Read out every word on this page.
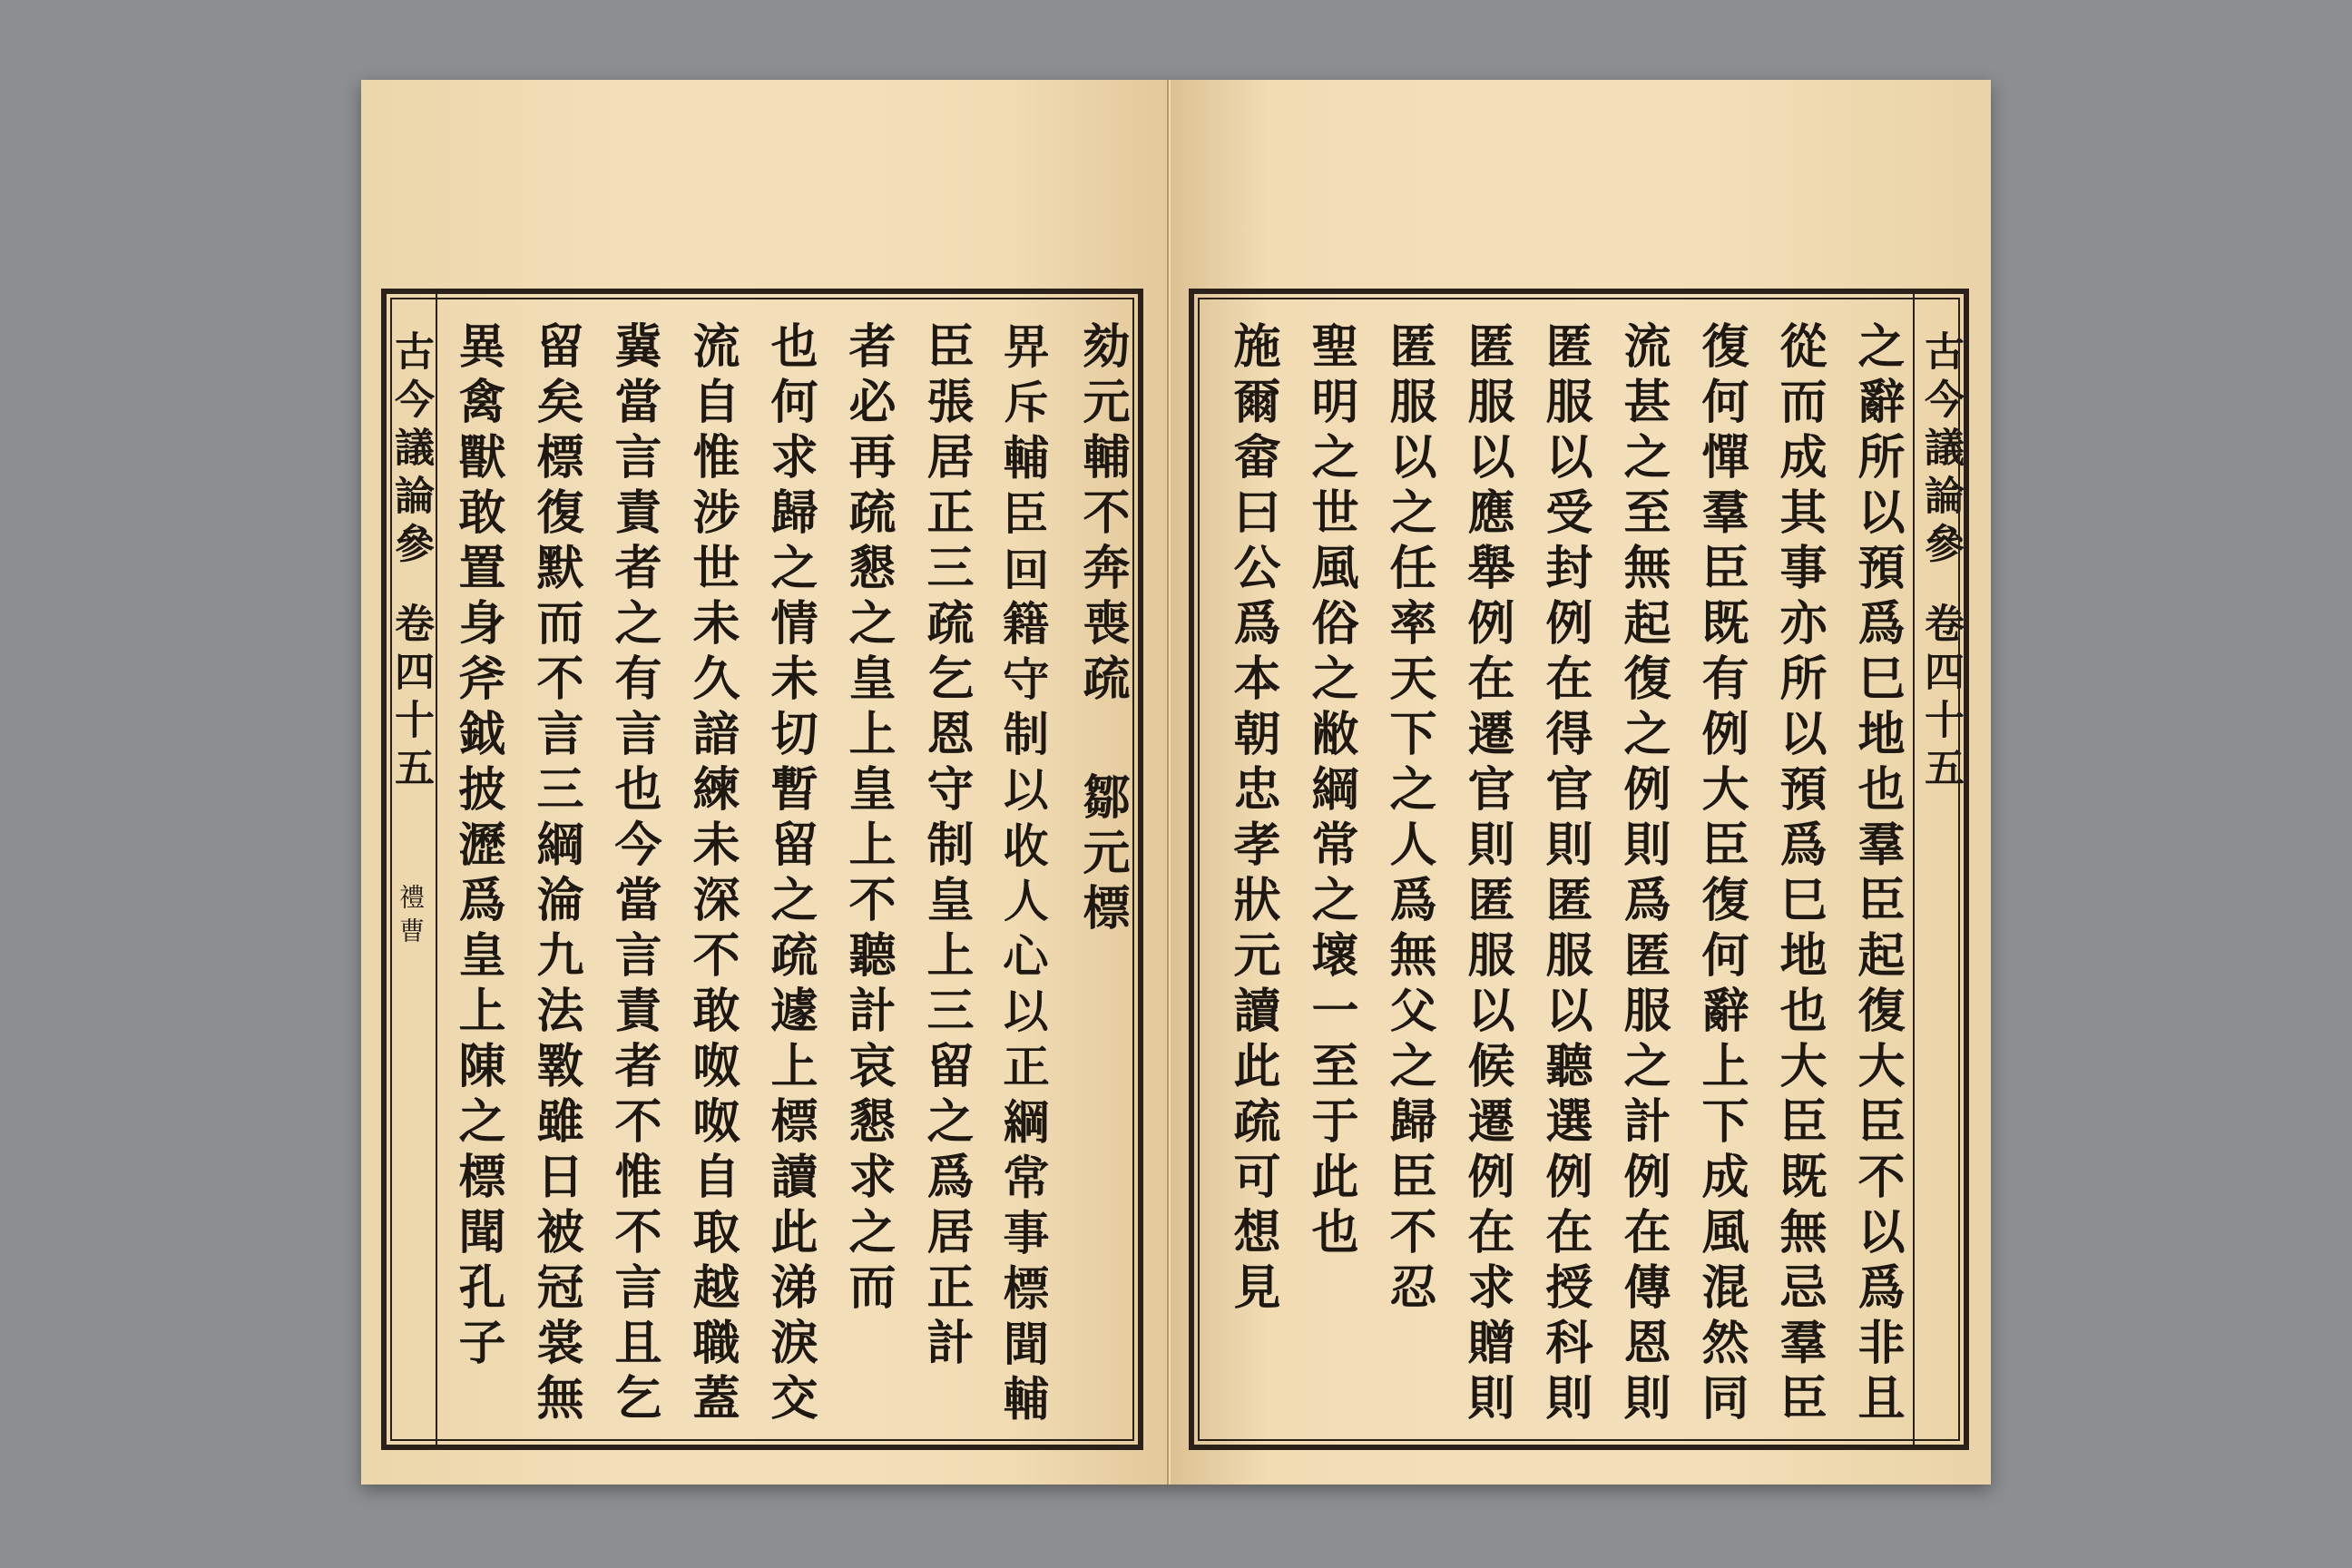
劾元輔不奔喪疏 鄒元標
𢌿斥輔臣回籍守制以收人心以正綱常事標聞輔
臣張居正三疏乞恩守制皇上三留之爲居正計
者必再疏懇之皇上皇上不聽計哀懇求之而
也何求歸之情未切暫留之疏遽上標讀此涕淚交
流自惟涉世未久諳練未深不敢呶呶自取越職蓋
冀當言責者之有言也今當言責者不惟不言且乞
留矣標復默而不言三綱淪九法斁雖日被冠裳無
異禽獸敢置身斧鉞披瀝爲皇上陳之標聞孔子
古今議論參
卷四十五
禮曹
古今議論參
卷四十五
之辭所以預爲巳地也羣臣起復大臣不以爲非且
從而成其事亦所以預爲巳地也大臣既無忌羣臣
復何憚羣臣既有例大臣復何辭上下成風混然同
流甚之至無起復之例則爲匿服之計例在傳恩則
匿服以受封例在得官則匿服以聽選例在授科則
匿服以應舉例在遷官則匿服以候遷例在求贈則
匿服以之任率天下之人爲無父之歸臣不忍
聖明之世風俗之敝綱常之壞一至于此也
施爾畲曰公爲本朝忠孝狀元讀此疏可想見
